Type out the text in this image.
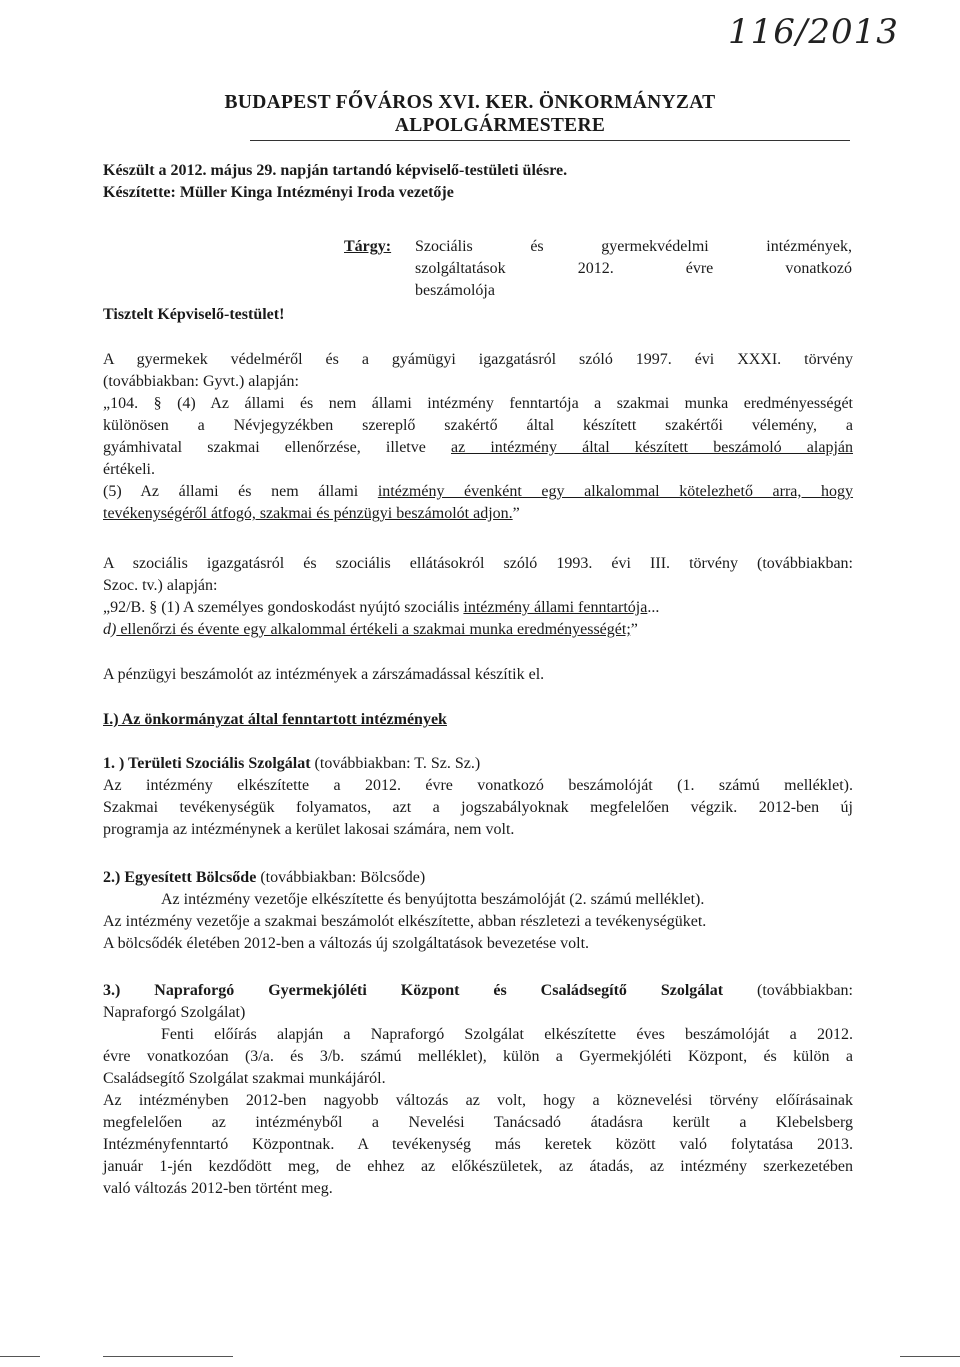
116/2013
BUDAPEST FŐVÁROS XVI. KER. ÖNKORMÁNYZAT
ALPOLGÁRMESTERE
Készült a 2012. május 29. napján tartandó képviselő-testületi ülésre.
Készítette: Müller Kinga Intézményi Iroda vezetője
Tárgy: Szociális és gyermekvédelmi intézmények,
szolgáltatások 2012. évre vonatkozó
beszámolója
Tisztelt Képviselő-testület!
A gyermekek védelméről és a gyámügyi igazgatásról szóló 1997. évi XXXI. törvény
(továbbiakban: Gyvt.) alapján:
„104. § (4) Az állami és nem állami intézmény fenntartója a szakmai munka eredményességét
különösen a Névjegyzékben szereplő szakértő által készített szakértői vélemény, a
gyámhivatal szakmai ellenőrzése, illetve az intézmény által készített beszámoló alapján
értékeli.
(5) Az állami és nem állami intézmény évenként egy alkalommal kötelezhető arra, hogy
tevékenységéről átfogó, szakmai és pénzügyi beszámolót adjon.”
A szociális igazgatásról és szociális ellátásokról szóló 1993. évi III. törvény (továbbiakban:
Szoc. tv.) alapján:
„92/B. § (1) A személyes gondoskodást nyújtó szociális intézmény állami fenntartója...
d) ellenőrzi és évente egy alkalommal értékeli a szakmai munka eredményességét;”
A pénzügyi beszámolót az intézmények a zárszámadással készítik el.
I.) Az önkormányzat által fenntartott intézmények
1. ) Területi Szociális Szolgálat (továbbiakban: T. Sz. Sz.)
Az intézmény elkészítette a 2012. évre vonatkozó beszámolóját (1. számú melléklet).
Szakmai tevékenységük folyamatos, azt a jogszabályoknak megfelelően végzik. 2012-ben új
programja az intézménynek a kerület lakosai számára, nem volt.
2.) Egyesített Bölcsőde (továbbiakban: Bölcsőde)
Az intézmény vezetője elkészítette és benyújtotta beszámolóját (2. számú melléklet).
Az intézmény vezetője a szakmai beszámolót elkészítette, abban részletezi a tevékenységüket.
A bölcsődék életében 2012-ben a változás új szolgáltatások bevezetése volt.
3.) Napraforgó Gyermekjóléti Központ és Családsegítő Szolgálat (továbbiakban:
Napraforgó Szolgálat)
Fenti előírás alapján a Napraforgó Szolgálat elkészítette éves beszámolóját a 2012.
évre vonatkozóan (3/a. és 3/b. számú melléklet), külön a Gyermekjóléti Központ, és külön a
Családsegítő Szolgálat szakmai munkájáról.
Az intézményben 2012-ben nagyobb változás az volt, hogy a köznevelési törvény előírásainak
megfelelően az intézményből a Nevelési Tanácsadó átadásra került a Klebelsberg
Intézményfenntartó Központnak. A tevékenység más keretek között való folytatása 2013.
január 1-jén kezdődött meg, de ehhez az előkészületek, az átadás, az intézmény szerkezetében
való változás 2012-ben történt meg.
